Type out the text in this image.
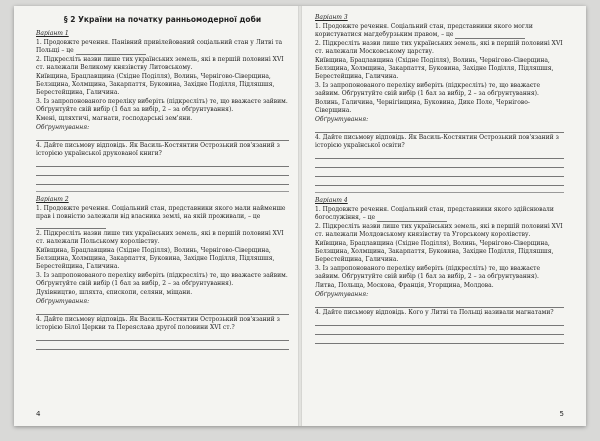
§ 2 України на початку ранньомодерної доби
Варіант 1
1. Продовжте речення. Панівний привілейований соціальний стан у Литві та Польщі – це
2. Підкресліть назви лише тих українських земель, які в першій половині XVI ст. належали Великому князівству Литовському.
Київщина, Брацлавщина (Східне Поділля), Волинь, Чернігово-Сіверщина, Белзщина, Холмщина, Закарпаття, Буковина, Західне Поділля, Підляшшя, Берестейщина, Галичина.
3. Із запропонованого переліку виберіть (підкресліть) те, що вважаєте зайвим. Обґрунтуйте свій вибір (1 бал за вибір, 2 – за обґрунтування).
Кмені, щляхтичі, магнати, господарські зем'яни.
Обґрунтування:
4. Дайте письмову відповідь. Як Василь-Костянтин Острозький пов'язаний з історією української друкованої книги?
Варіант 2
1. Продовжте речення. Соціальний стан, представники якого мали найменше прав і повністю залежали від власника землі, на якій проживали, – це
2. Підкресліть назви лише тих українських земель, які в першій половині XVI ст. належали Польському королівству.
Київщина, Брацлавщина (Східне Поділля), Волинь, Чернігово-Сіверщина, Белзщина, Холмщина, Закарпаття, Буковина, Західне Поділля, Підляшшя, Берестейщина, Галичина.
3. Із запропонованого переліку виберіть (підкресліть) те, що вважаєте зайвим. Обґрунтуйте свій вибір (1 бал за вибір, 2 – за обґрунтування).
Духівництво, шляхта, єпископи, селяни, міщани.
Обґрунтування:
4. Дайте письмову відповідь. Як Василь-Костянтин Острозький пов'язаний з історією Білої Церкви та Переяслава другої половини XVI ст.?
4
Варіант 3
1. Продовжте речення. Соціальний стан, представники якого могли користуватися магдебурзьким правом, – це
2. Підкресліть назви лише тих українських земель, які в першій половині XVI ст. належали Московському царству.
Київщина, Брацлавщина (Східне Поділля), Волинь, Чернігово-Сіверщина, Белзщина, Холмщина, Закарпаття, Буковина, Західне Поділля, Підляшшя, Берестейщина, Галичина.
3. Із запропонованого переліку виберіть (підкресліть) те, що вважаєте зайвим. Обґрунтуйте свій вибір (1 бал за вибір, 2 – за обґрунтування).
Волинь, Галичина, Чернігівщина, Буковина, Дике Поле, Чернігово-Сіверщина.
Обґрунтування:
4. Дайте письмову відповідь. Як Василь-Костянтин Острозький пов'язаний з історією української освіти?
Варіант 4
1. Продовжте речення. Соціальний стан, представники якого здійснювали богослужіння, – це
2. Підкресліть назви лише тих українських земель, які в першій половині XVI ст. належали Молдовському князівству та Угорському королівству.
Київщина, Брацлавщина (Східне Поділля), Волинь, Чернігово-Сіверщина, Белзщина, Холмщина, Закарпаття, Буковина, Західне Поділля, Підляшшя, Берестейщина, Галичина.
3. Із запропонованого переліку виберіть (підкресліть) те, що вважаєте зайвим. Обґрунтуйте свій вибір (1 бал за вибір, 2 – за обґрунтування).
Литва, Польща, Москова, Франція, Угорщина, Молдова.
Обґрунтування:
4. Дайте письмову відповідь. Кого у Литві та Польщі називали магнатами?
5
